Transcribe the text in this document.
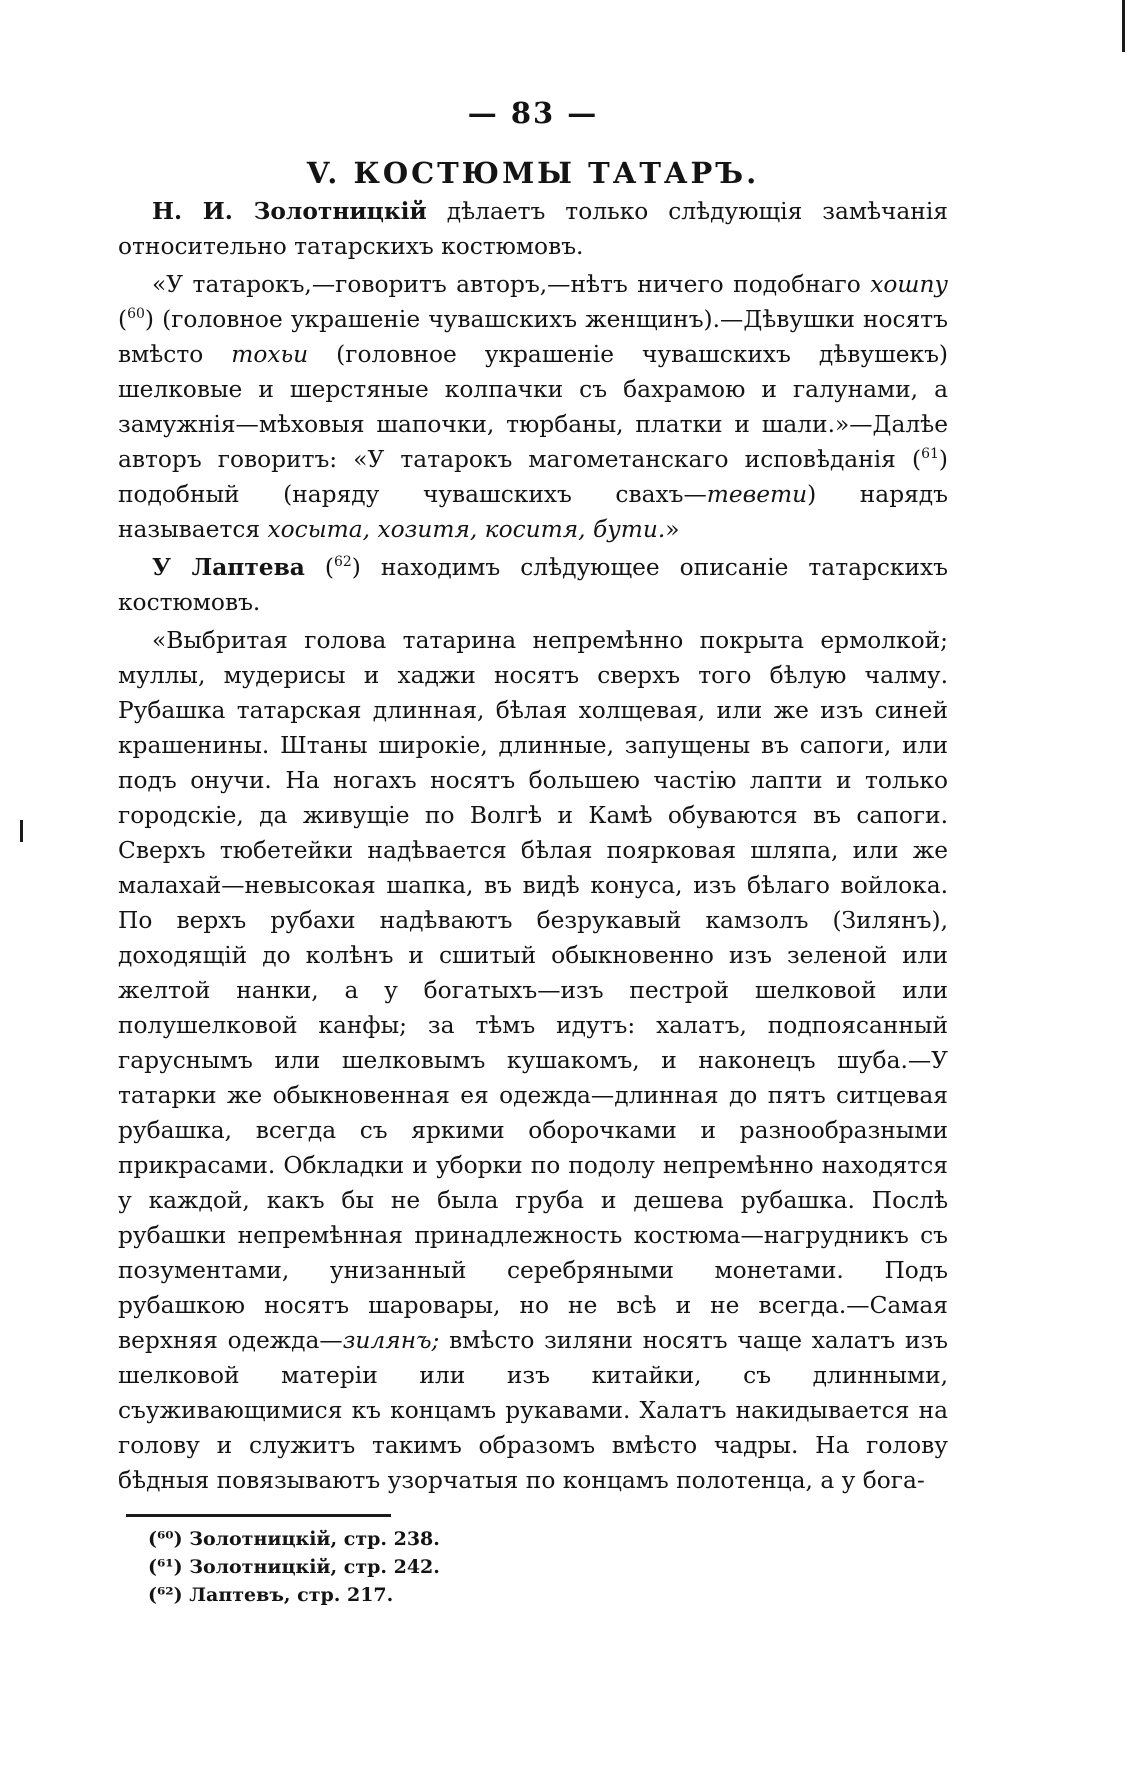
— 83 —
V. КОСТЮМЫ ТАТАРЪ.

Н. И. Золотницкій дѣлаетъ только слѣдующія замѣчанія относительно татарскихъ костюмовъ.

«У татарокъ,—говоритъ авторъ,—нѣтъ ничего подобнаго хошпу ($^{60}$) (головное украшеніе чувашскихъ женщинъ).—Дѣвушки носятъ вмѣсто тохьи (головное украшеніе чувашскихъ дѣвушекъ) шелковые и шерстяные колпачки съ бахрамою и галунами, а замужнія—мѣховыя шапочки, тюрбаны, платки и шали.»—Далѣе авторъ говоритъ: «У татарокъ магометанскаго исповѣданія ($^{61}$) подобный (наряду чувашскихъ свахъ—тевети) нарядъ называется хосыта, хозитя, коситя, бути.»

У Лаптева ($^{62}$) находимъ слѣдующее описаніе татарскихъ костюмовъ.

«Выбритая голова татарина непремѣнно покрыта ермолкой; муллы, мудерисы и хаджи носятъ сверхъ того бѣлую чалму. Рубашка татарская длинная, бѣлая холщевая, или же изъ синей крашенины. Штаны широкіе, длинные, запущены въ сапоги, или подъ онучи. На ногахъ носятъ большею частію лапти и только городскіе, да живущіе по Волгѣ и Камѣ обуваются въ сапоги. Сверхъ тюбетейки надѣвается бѣлая поярковая шляпа, или же малахай—невысокая шапка, въ видѣ конуса, изъ бѣлаго войлока. По верхъ рубахи надѣваютъ безрукавый камзолъ (Зилянъ), доходящій до колѣнъ и сшитый обыкновенно изъ зеленой или желтой нанки, а у богатыхъ—изъ пестрой шелковой или полушелковой канфы; за тѣмъ идутъ: халатъ, подпоясанный гаруснымъ или шелковымъ кушакомъ, и наконецъ шуба.—У татарки же обыкновенная ея одежда—длинная до пятъ ситцевая рубашка, всегда съ яркими оборочками и разнообразными прикрасами. Обкладки и уборки по подолу непремѣнно находятся у каждой, какъ бы не была груба и дешева рубашка. Послѣ рубашки непремѣнная принадлежность костюма—нагрудникъ съ позументами, унизанный серебряными монетами. Подъ рубашкою носятъ шаровары, но не всѣ и не всегда.—Самая верхняя одежда—зилянъ; вмѣсто зиляни носятъ чаще халатъ изъ шелковой матеріи или изъ китайки, съ длинными, съуживающимися къ концамъ рукавами. Халатъ накидывается на голову и служитъ такимъ образомъ вмѣсто чадры. На голову бѣдныя повязываютъ узорчатыя по концамъ полотенца, а у бога-

(⁶⁰) Золотницкій, стр. 238.
(⁶¹) Золотницкій, стр. 242.
(⁶²) Лаптевъ, стр. 217.
